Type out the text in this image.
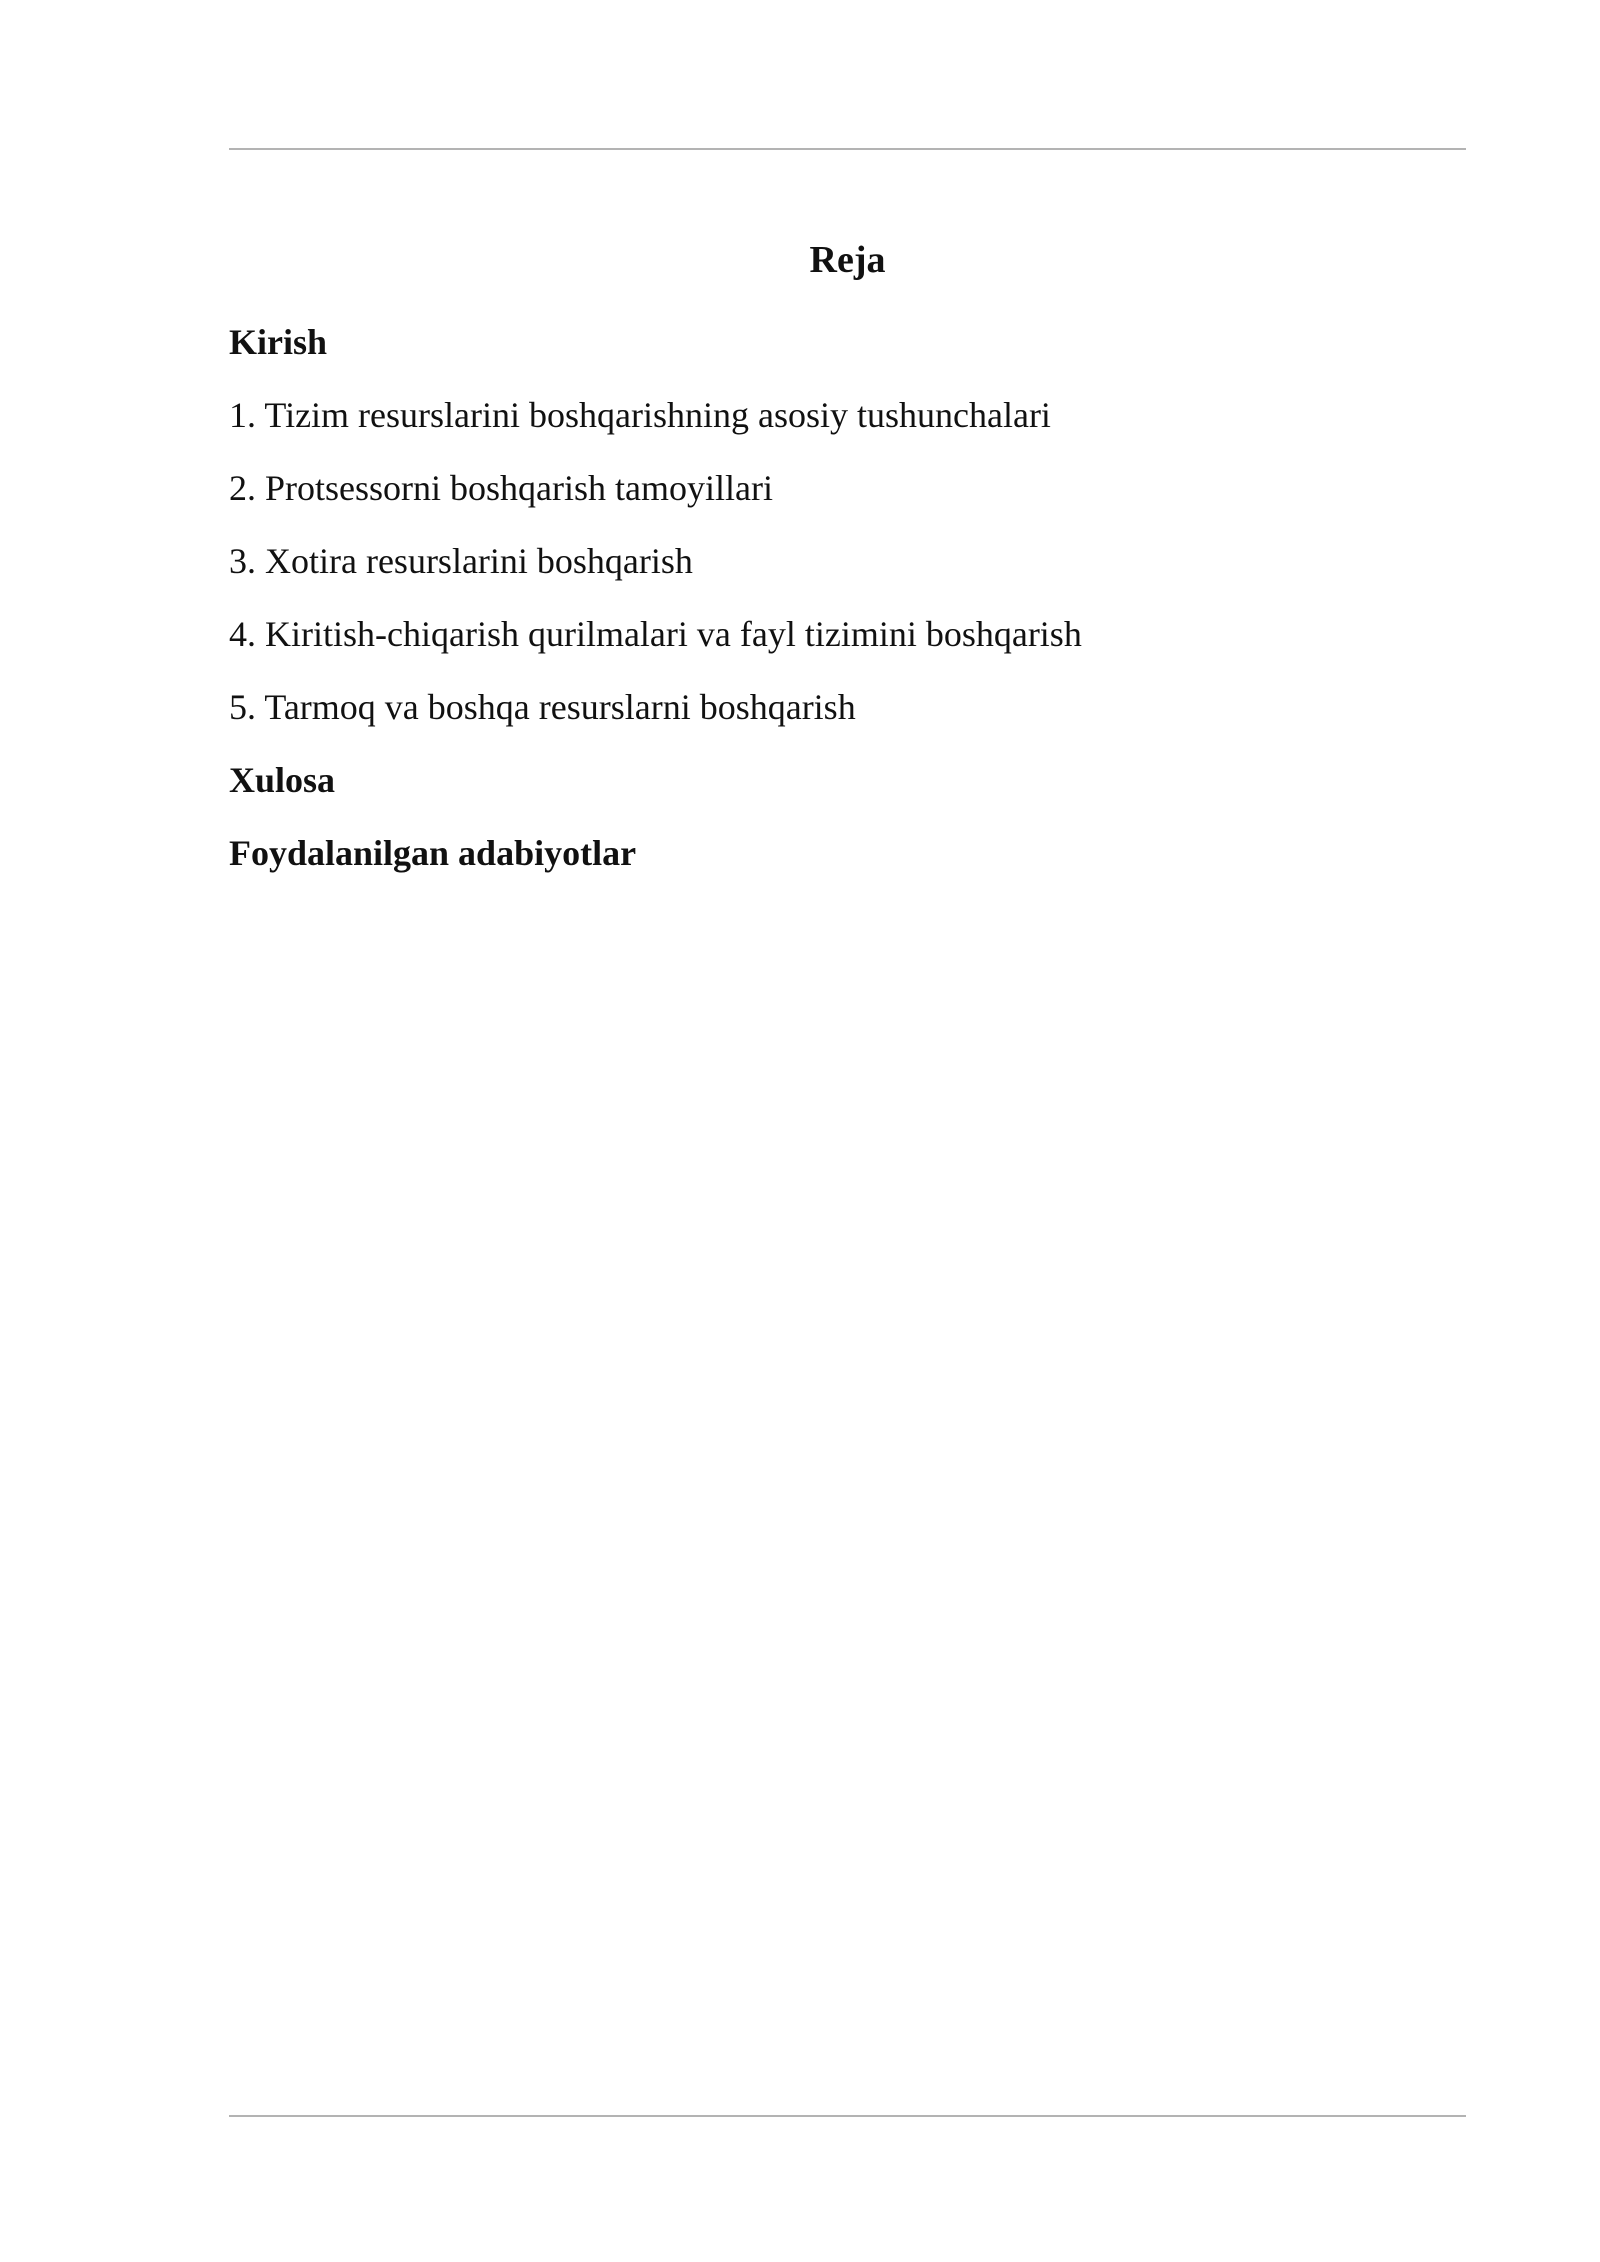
Reja
Kirish
1. Tizim resurslarini boshqarishning asosiy tushunchalari
2. Protsessorni boshqarish tamoyillari
3. Xotira resurslarini boshqarish
4. Kiritish-chiqarish qurilmalari va fayl tizimini boshqarish
5. Tarmoq va boshqa resurslarni boshqarish
Xulosa
Foydalanilgan adabiyotlar
